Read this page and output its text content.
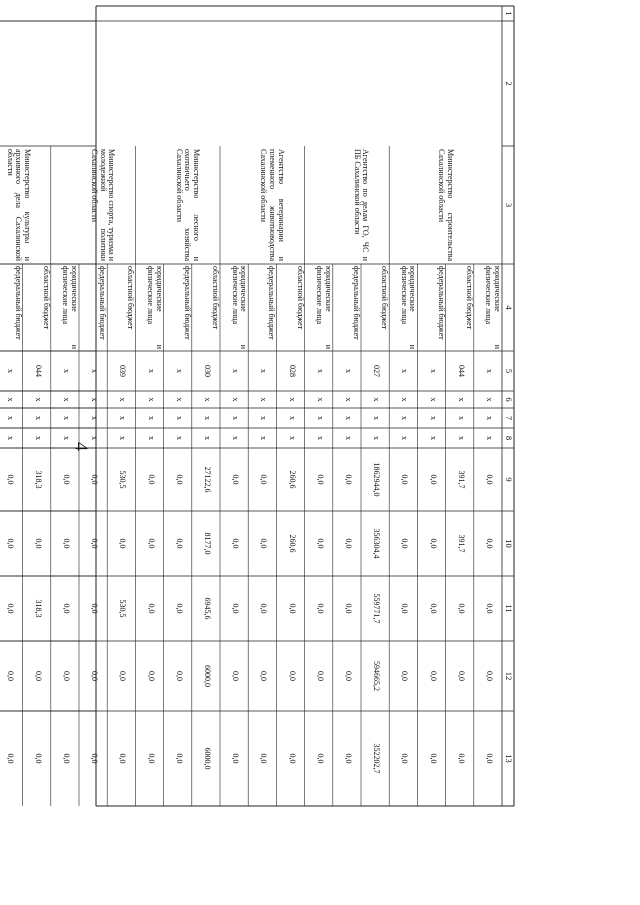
4
1
2
3
4
5
6
7
8
9
10
11
12
13
юридические и физические лица
х
х
х
х
0,0
0,0
0,0
0,0
0,0
областной бюджет
044
х
х
х
391,7
391,7
0,0
0,0
0,0
федеральный бюджет
х
х
х
х
0,0
0,0
0,0
0,0
0,0
юридические и физические лица
х
х
х
х
0,0
0,0
0,0
0,0
0,0
Министерство строительства Сахалинской области
областной бюджет
027
х
х
х
1862944,0
356304,4
559771,7
594665,2
352202,7
федеральный бюджет
х
х
х
х
0,0
0,0
0,0
0,0
0,0
юридические и физические лица
х
х
х
х
0,0
0,0
0,0
0,0
0,0
Агентство по делам ГО, ЧС и ПБ Сахалинской области
областной бюджет
028
х
х
х
260,6
260,6
0,0
0,0
0,0
федеральный бюджет
х
х
х
х
0,0
0,0
0,0
0,0
0,0
юридические и физические лица
х
х
х
х
0,0
0,0
0,0
0,0
0,0
Агентство ветеринарии и племенного животноводства Сахалинской области
областной бюджет
030
х
х
х
27122,6
8177,0
6945,6
6000,0
6000,0
федеральный бюджет
х
х
х
х
0,0
0,0
0,0
0,0
0,0
юридические и физические лица
х
х
х
х
0,0
0,0
0,0
0,0
0,0
Министерство лесного и охотничьего хозяйства Сахалинской области
областной бюджет
039
х
х
х
530,5
0,0
530,5
0,0
0,0
федеральный бюджет
х
х
х
х
0,0
0,0
0,0
0,0
0,0
юридические и физические лица
х
х
х
х
0,0
0,0
0,0
0,0
0,0
Министерство спорта, туризма и молодежной политики Сахалинской области
областной бюджет
044
х
х
х
318,3
0,0
318,3
0,0
0,0
федеральный бюджет
х
х
х
х
0,0
0,0
0,0
0,0
0,0
Министерство культуры и архивного дела Сахалинской области
